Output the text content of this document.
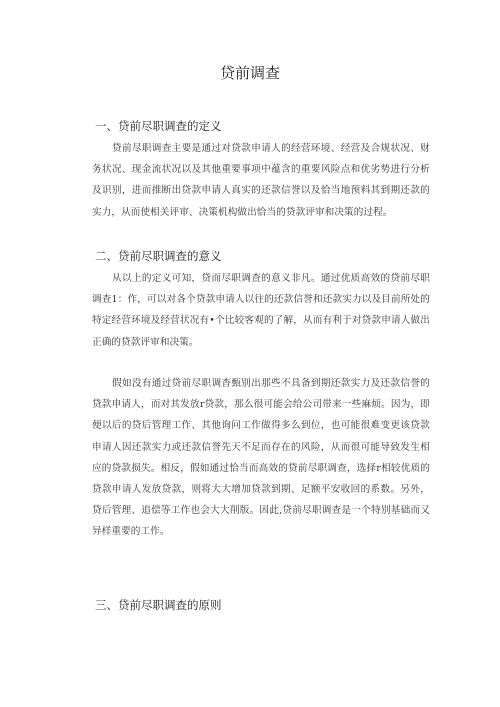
贷前调查
一、贷前尽职调查的定义

贷前尽职调查主要是通过对贷款申请人的经营环境、经营及合规状况、财务状况、现金流状况以及其他重要事项中蕴含的重要风险点和优劣势进行分析及识别，进而推断出贷款申请人真实的还款信誉以及恰当地预料其到期还款的实力，从而使相关评审、决策机构做出恰当的贷款评审和决策的过程。

二、贷前尽职调查的意义

从以上的定义可知，贷而尽职调查的意义非凡。通过优质高效的贷前尽职调查1：作，可以对各个贷款申请人以往的还款信誉和还款实力以及目前所处的特定经营环境及经营状况有•个比较客观的了解，从而有利于对贷款申请人做出正确的贷款评审和决策。

假如没有通过贷前尽职调杳甄别出那些不具备到期还款实力及还款信誉的贷款申请人，而对其发放r贷款，那么很可能会给公司带来一些麻烦。因为，即便以后的贷后管理工作、其他询问工作做得多么到位，也可能很难变更该贷款申请人因还款实力或还款信誉先天不足而存在的风险，从而很可能导致发生相应的贷款损失。相反，假如通过恰当而高效的贷前尽职调查，选择r相较优质的贷款申请人发放贷款，则将大大增加贷款到期、足额平安收回的系数。另外，贷后管理、追偿等工作也会大大削版。因此,贷前尽职调查是一个特别基础而又异样重要的工作。

三、贷前尽职调查的原则
